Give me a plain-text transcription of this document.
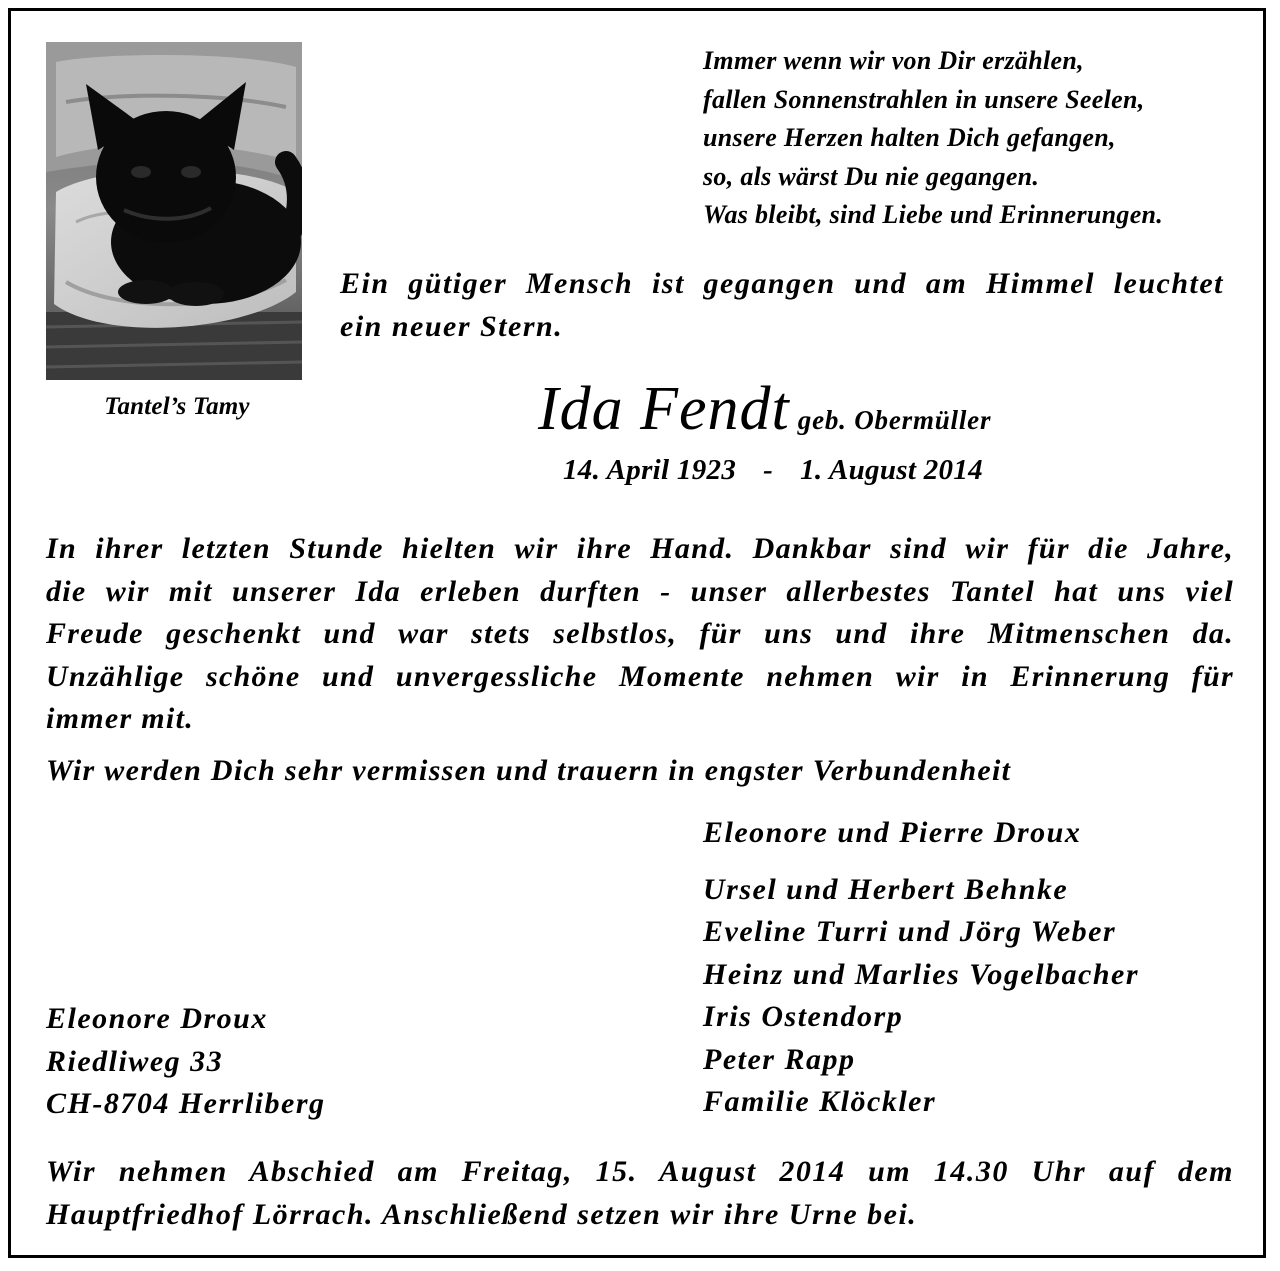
Tantel’s Tamy
Immer wenn wir von Dir erzählen,
fallen Sonnenstrahlen in unsere Seelen,
unsere Herzen halten Dich gefangen,
so, als wärst Du nie gegangen.
Was bleibt, sind Liebe und Erinnerungen.
Ein gütiger Mensch ist gegangen und am Himmel leuchtet
ein neuer Stern.
Ida Fendt geb. Obermüller
14. April 1923 - 1. August 2014
In ihrer letzten Stunde hielten wir ihre Hand. Dankbar sind wir für die Jahre,
die wir mit unserer Ida erleben durften - unser allerbestes Tantel hat uns viel
Freude geschenkt und war stets selbstlos, für uns und ihre Mitmenschen da.
Unzählige schöne und unvergessliche Momente nehmen wir in Erinnerung für
immer mit.
Wir werden Dich sehr vermissen und trauern in engster Verbundenheit
Eleonore und Pierre Droux
Ursel und Herbert Behnke
Eveline Turri und Jörg Weber
Heinz und Marlies Vogelbacher
Iris Ostendorp
Peter Rapp
Familie Klöckler
Eleonore Droux
Riedliweg 33
CH-8704 Herrliberg
Wir nehmen Abschied am Freitag, 15. August 2014 um 14.30 Uhr auf dem
Hauptfriedhof Lörrach. Anschließend setzen wir ihre Urne bei.
